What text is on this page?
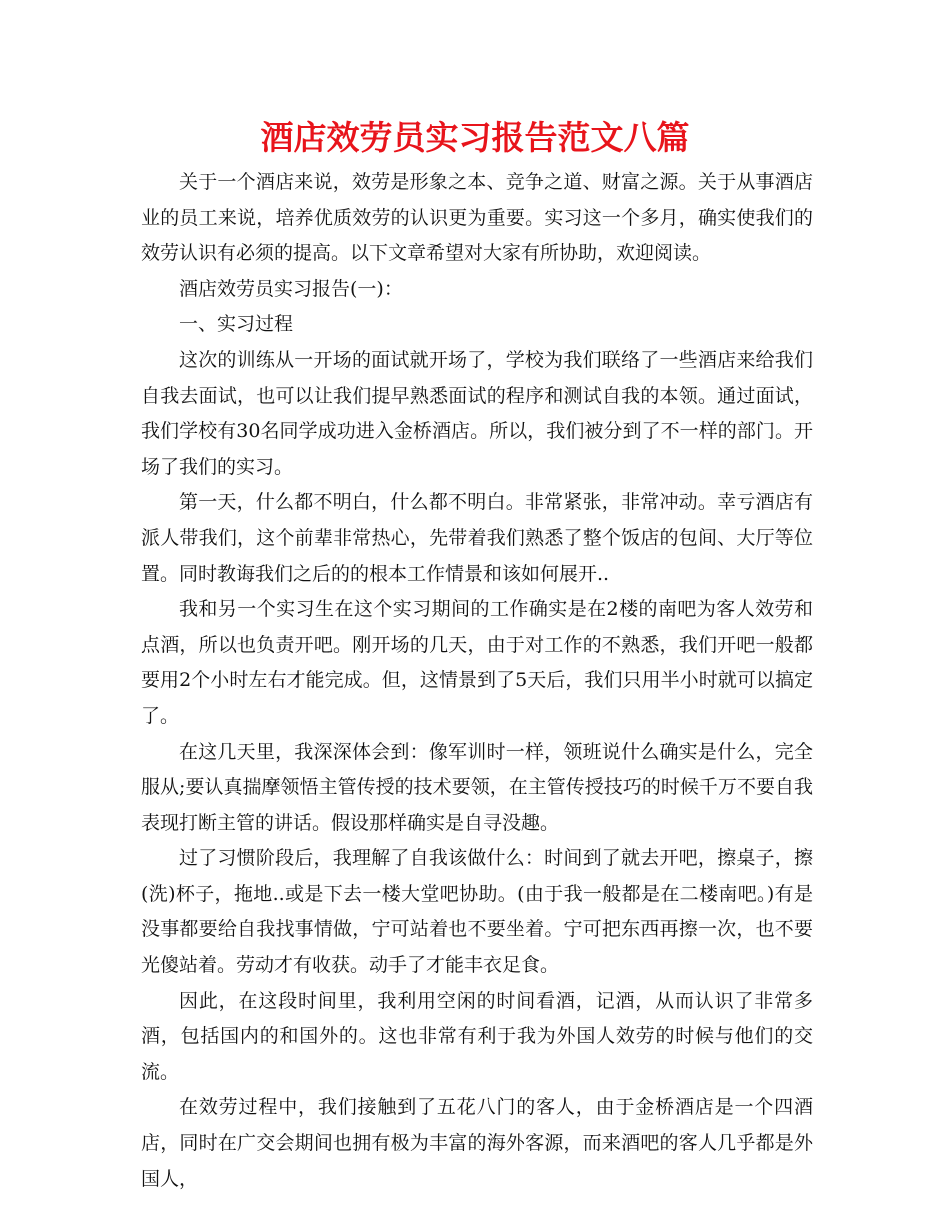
酒店效劳员实习报告范文八篇

关于一个酒店来说，效劳是形象之本、竞争之道、财富之源。关于从事酒店业的员工来说，培养优质效劳的认识更为重要。实习这一个多月，确实使我们的效劳认识有必须的提高。以下文章希望对大家有所协助，欢迎阅读。

酒店效劳员实习报告(一)：

一、实习过程

这次的训练从一开场的面试就开场了，学校为我们联络了一些酒店来给我们自我去面试，也可以让我们提早熟悉面试的程序和测试自我的本领。通过面试，我们学校有30名同学成功进入金桥酒店。所以，我们被分到了不一样的部门。开场了我们的实习。

第一天，什么都不明白，什么都不明白。非常紧张，非常冲动。幸亏酒店有派人带我们，这个前辈非常热心，先带着我们熟悉了整个饭店的包间、大厅等位置。同时教诲我们之后的的根本工作情景和该如何展开..

我和另一个实习生在这个实习期间的工作确实是在2楼的南吧为客人效劳和点酒，所以也负责开吧。刚开场的几天，由于对工作的不熟悉，我们开吧一般都要用2个小时左右才能完成。但，这情景到了5天后，我们只用半小时就可以搞定了。

在这几天里，我深深体会到：像军训时一样，领班说什么确实是什么，完全服从;要认真揣摩领悟主管传授的技术要领，在主管传授技巧的时候千万不要自我表现打断主管的讲话。假设那样确实是自寻没趣。

过了习惯阶段后，我理解了自我该做什么：时间到了就去开吧，擦桌子，擦(洗)杯子，拖地..或是下去一楼大堂吧协助。(由于我一般都是在二楼南吧。)有是没事都要给自我找事情做，宁可站着也不要坐着。宁可把东西再擦一次，也不要光傻站着。劳动才有收获。动手了才能丰衣足食。

因此，在这段时间里，我利用空闲的时间看酒，记酒，从而认识了非常多酒，包括国内的和国外的。这也非常有利于我为外国人效劳的时候与他们的交流。

在效劳过程中，我们接触到了五花八门的客人，由于金桥酒店是一个四酒店，同时在广交会期间也拥有极为丰富的海外客源，而来酒吧的客人几乎都是外国人，
